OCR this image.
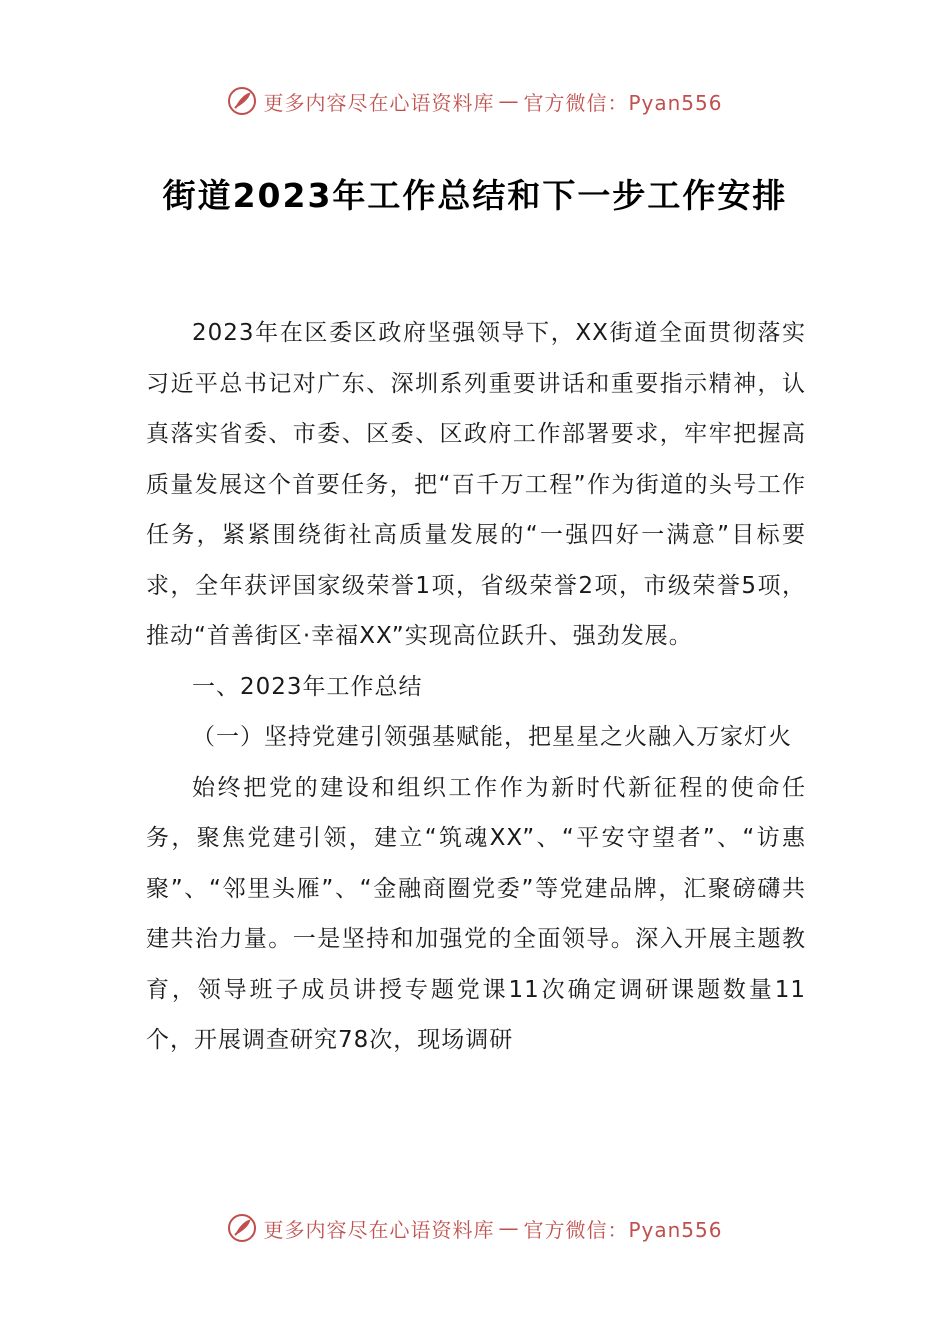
更多内容尽在心语资料库 — 官方微信：Pyan556
街道2023年工作总结和下一步工作安排

2023年在区委区政府坚强领导下，XX街道全面贯彻落实习近平总书记对广东、深圳系列重要讲话和重要指示精神，认真落实省委、市委、区委、区政府工作部署要求，牢牢把握高质量发展这个首要任务，把“百千万工程”作为街道的头号工作任务，紧紧围绕街社高质量发展的“一强四好一满意”目标要求，全年获评国家级荣誉1项，省级荣誉2项，市级荣誉5项，推动“首善街区·幸福XX”实现高位跃升、强劲发展。

一、2023年工作总结

（一）坚持党建引领强基赋能，把星星之火融入万家灯火

始终把党的建设和组织工作作为新时代新征程的使命任务，聚焦党建引领，建立“筑魂XX”、“平安守望者”、“访惠聚”、“邻里头雁”、“金融商圈党委”等党建品牌，汇聚磅礴共建共治力量。一是坚持和加强党的全面领导。深入开展主题教育，领导班子成员讲授专题党课11次确定调研课题数量11个，开展调查研究78次，现场调研

更多内容尽在心语资料库 — 官方微信：Pyan556
